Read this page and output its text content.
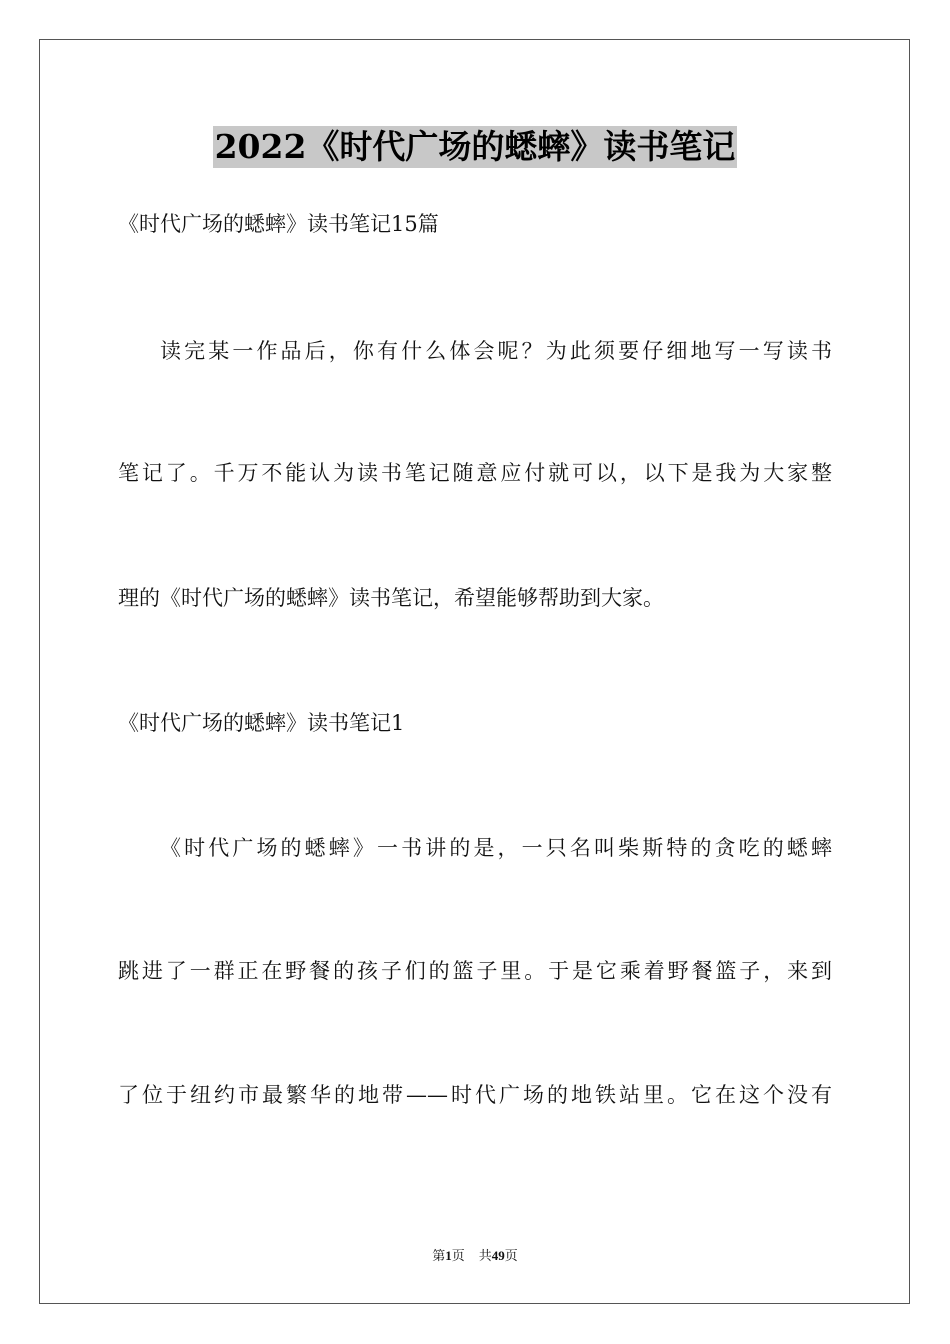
2022《时代广场的蟋蟀》读书笔记

《时代广场的蟋蟀》读书笔记15篇

读完某一作品后，你有什么体会呢？为此须要仔细地写一写读书

笔记了。千万不能认为读书笔记随意应付就可以，以下是我为大家整

理的《时代广场的蟋蟀》读书笔记，希望能够帮助到大家。

《时代广场的蟋蟀》读书笔记1

《时代广场的蟋蟀》一书讲的是，一只名叫柴斯特的贪吃的蟋蟀

跳进了一群正在野餐的孩子们的篮子里。于是它乘着野餐篮子，来到

了位于纽约市最繁华的地带——时代广场的地铁站里。它在这个没有

第1页 共49页
